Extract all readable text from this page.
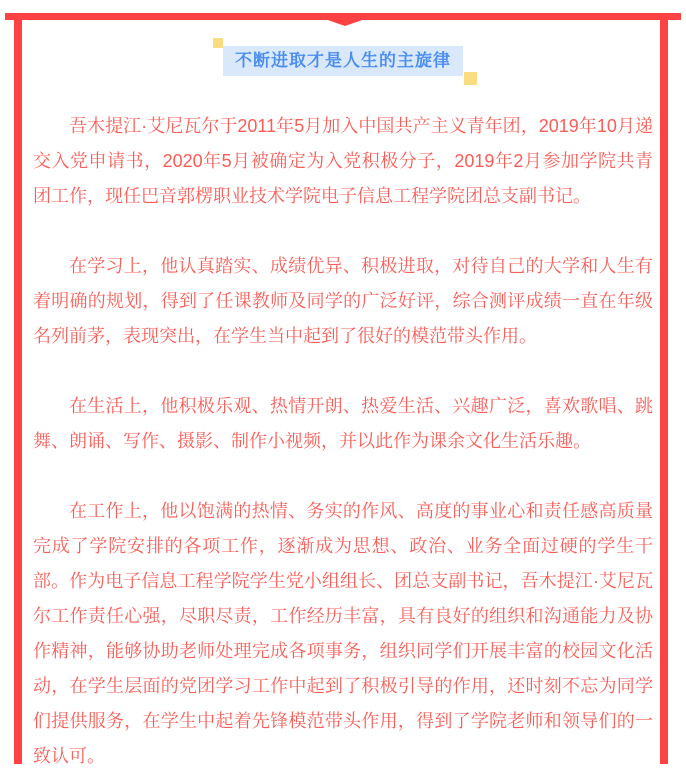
不断进取才是人生的主旋律

吾木提江·艾尼瓦尔于2011年5月加入中国共产主义青年团，2019年10月递交入党申请书，2020年5月被确定为入党积极分子，2019年2月参加学院共青团工作，现任巴音郭楞职业技术学院电子信息工程学院团总支副书记。

在学习上，他认真踏实、成绩优异、积极进取，对待自己的大学和人生有着明确的规划，得到了任课教师及同学的广泛好评，综合测评成绩一直在年级名列前茅，表现突出，在学生当中起到了很好的模范带头作用。

在生活上，他积极乐观、热情开朗、热爱生活、兴趣广泛，喜欢歌唱、跳舞、朗诵、写作、摄影、制作小视频，并以此作为课余文化生活乐趣。

在工作上，他以饱满的热情、务实的作风、高度的事业心和责任感高质量完成了学院安排的各项工作，逐渐成为思想、政治、业务全面过硬的学生干部。作为电子信息工程学院学生党小组组长、团总支副书记，吾木提江·艾尼瓦尔工作责任心强，尽职尽责，工作经历丰富，具有良好的组织和沟通能力及协作精神，能够协助老师处理完成各项事务，组织同学们开展丰富的校园文化活动，在学生层面的党团学习工作中起到了积极引导的作用，还时刻不忘为同学们提供服务，在学生中起着先锋模范带头作用，得到了学院老师和领导们的一致认可。
